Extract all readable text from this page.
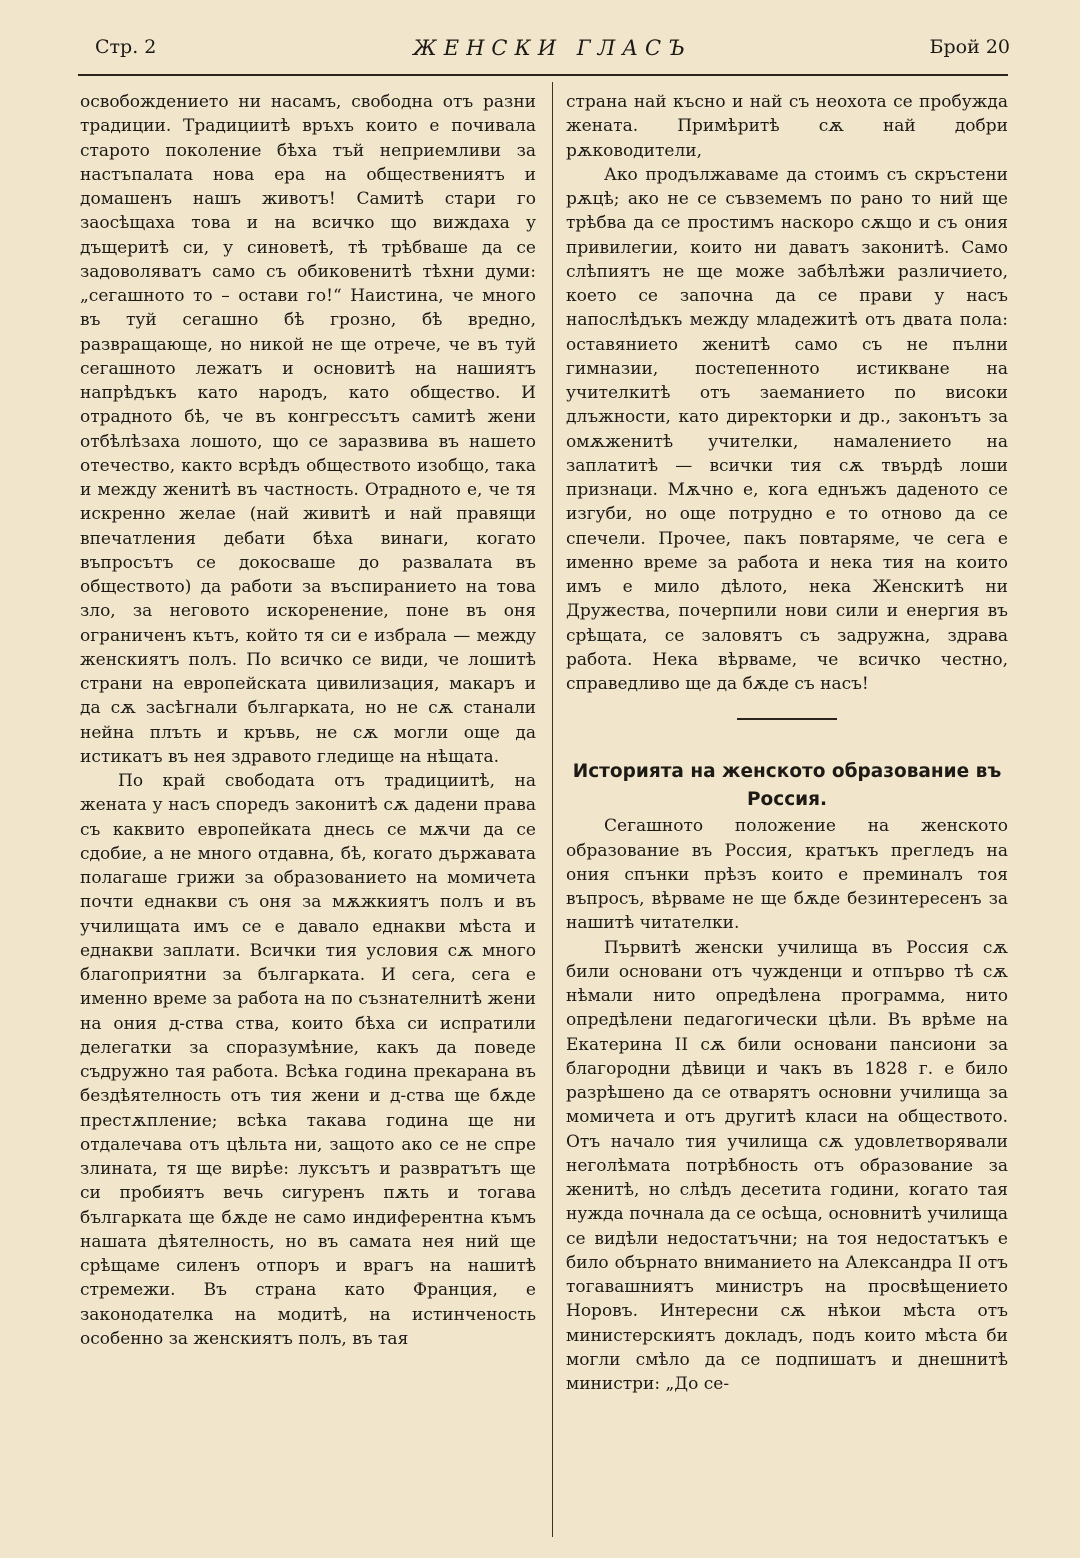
Стр. 2	ЖЕНСКИ ГЛАСЪ	Брой 20

освобождението ни насамъ, свободна отъ разни традиции. Традициитѣ връхъ които е почивала старото поколение бѣха тъй неприемливи за настъпалата нова ера на обществениятъ и домашенъ нашъ животъ! Самитѣ стари го заосѣщаха това и на всичко що виждаха у дъщеритѣ си, у синоветѣ, тѣ трѣбваше да се задоволяватъ само съ обиковенитѣ тѣхни думи: „сегашното то – остави го!“ Наистина, че много въ туй сегашно бѣ грозно, бѣ вредно, развращающе, но никой не ще отрече, че въ туй сегашното лежатъ и основитѣ на нашиятъ напрѣдъкъ като народъ, като общество. И отрадното бѣ, че въ конгрессътъ самитѣ жени отбѣлѣзаха лошото, що се заразвива въ нашето отечество, както всрѣдъ обществото изобщо, така и между женитѣ въ частность. Отрадното е, че тя искренно желае (най живитѣ и най правящи впечатления дебати бѣха винаги, когато въпросътъ се докосваше до развалата въ обществото) да работи за въспиранието на това зло, за неговото искоренение, поне въ оня ограниченъ кътъ, който тя си е избрала — между женскиятъ полъ. По всичко се види, че лошитѣ страни на европейската цивилизация, макаръ и да сѫ засѣгнали българката, но не сѫ станали нейна плъть и кръвь, не сѫ могли още да истикатъ въ нея здравото гледище на нѣщата.

По край свободата отъ традициитѣ, на жената у насъ споредъ законитѣ сѫ дадени права съ каквито европейката днесь се мѫчи да се сдобие, а не много отдавна, бѣ, когато държавата полагаше грижи за образованието на момичета почти еднакви съ оня за мѫжкиятъ полъ и въ училищата имъ се е давало еднакви мѣста и еднакви заплати. Всички тия условия сѫ много благоприятни за българката. И сега, сега е именно време за работа на по съзнателнитѣ жени на ония д-ства ства, които бѣха си испратили делегатки за споразумѣние, какъ да поведе съдружно тая работа. Всѣка година прекарана въ бездѣятелность отъ тия жени и д-ства ще бѫде престѫпление; всѣка такава година ще ни отдалечава отъ цѣльта ни, защото ако се не спре злината, тя ще вирѣе: луксътъ и развратътъ ще си пробиятъ вечь сигуренъ пѫть и тогава българката ще бѫде не само индиферентна къмъ нашата дѣятелность, но въ самата нея ний ще срѣщаме силенъ отпоръ и врагъ на нашитѣ стремежи. Въ страна като Франция, е законодателка на модитѣ, на истинченость особенно за женскиятъ полъ, въ тая

страна най късно и най съ неохота се пробужда жената. Примѣритѣ сѫ най добри рѫководители,

Ако продължаваме да стоимъ съ скръстени рѫцѣ; ако не се съвземемъ по рано то ний ще трѣбва да се простимъ наскоро сѫщо и съ ония привилегии, които ни даватъ законитѣ. Само слѣпиятъ не ще може забѣлѣжи различието, което се започна да се прави у насъ напослѣдъкъ между младежитѣ отъ двата пола: оставянието женитѣ само съ не пълни гимназии, постепенното истикване на учителкитѣ отъ заеманието по високи длъжности, като директорки и др., законътъ за омѫженитѣ учителки, намалението на заплатитѣ — всички тия сѫ твърдѣ лоши признаци. Мѫчно е, кога еднъжъ даденото се изгуби, но още потрудно е то отново да се спечели. Прочее, пакъ повтаряме, че сега е именно време за работа и нека тия на които имъ е мило дѣлото, нека Женскитѣ ни Дружества, почерпили нови сили и енергия въ срѣщата, се заловятъ съ задружна, здрава работа. Нека вѣрваме, че всичко честно, справедливо ще да бѫде съ насъ!

Историята на женското образование въ Россия.

Сегашното положение на женското образование въ Россия, кратъкъ прегледъ на ония спънки прѣзъ които е преминалъ тоя въпросъ, вѣрваме не ще бѫде безинтересенъ за нашитѣ читателки.

Първитѣ женски училища въ Россия сѫ били основани отъ чужденци и отпърво тѣ сѫ нѣмали нито опредѣлена программа, нито опредѣлени педагогически цѣли. Въ врѣме на Екатерина II сѫ били основани пансиони за благородни дѣвици и чакъ въ 1828 г. е било разрѣшено да се отварятъ основни училища за момичета и отъ другитѣ класи на обществото. Отъ начало тия училища сѫ удовлетворявали неголѣмата потрѣбность отъ образование за женитѣ, но слѣдъ десетита години, когато тая нужда почнала да се осѣща, основнитѣ училища се видѣли недостатъчни; на тоя недостатъкъ е било обърнато вниманието на Александра II отъ тогавашниятъ министръ на просвѣщението Норовъ. Интересни сѫ нѣкои мѣста отъ министерскиятъ докладъ, подъ които мѣста би могли смѣло да се подпишатъ и днешнитѣ министри: „До се-
